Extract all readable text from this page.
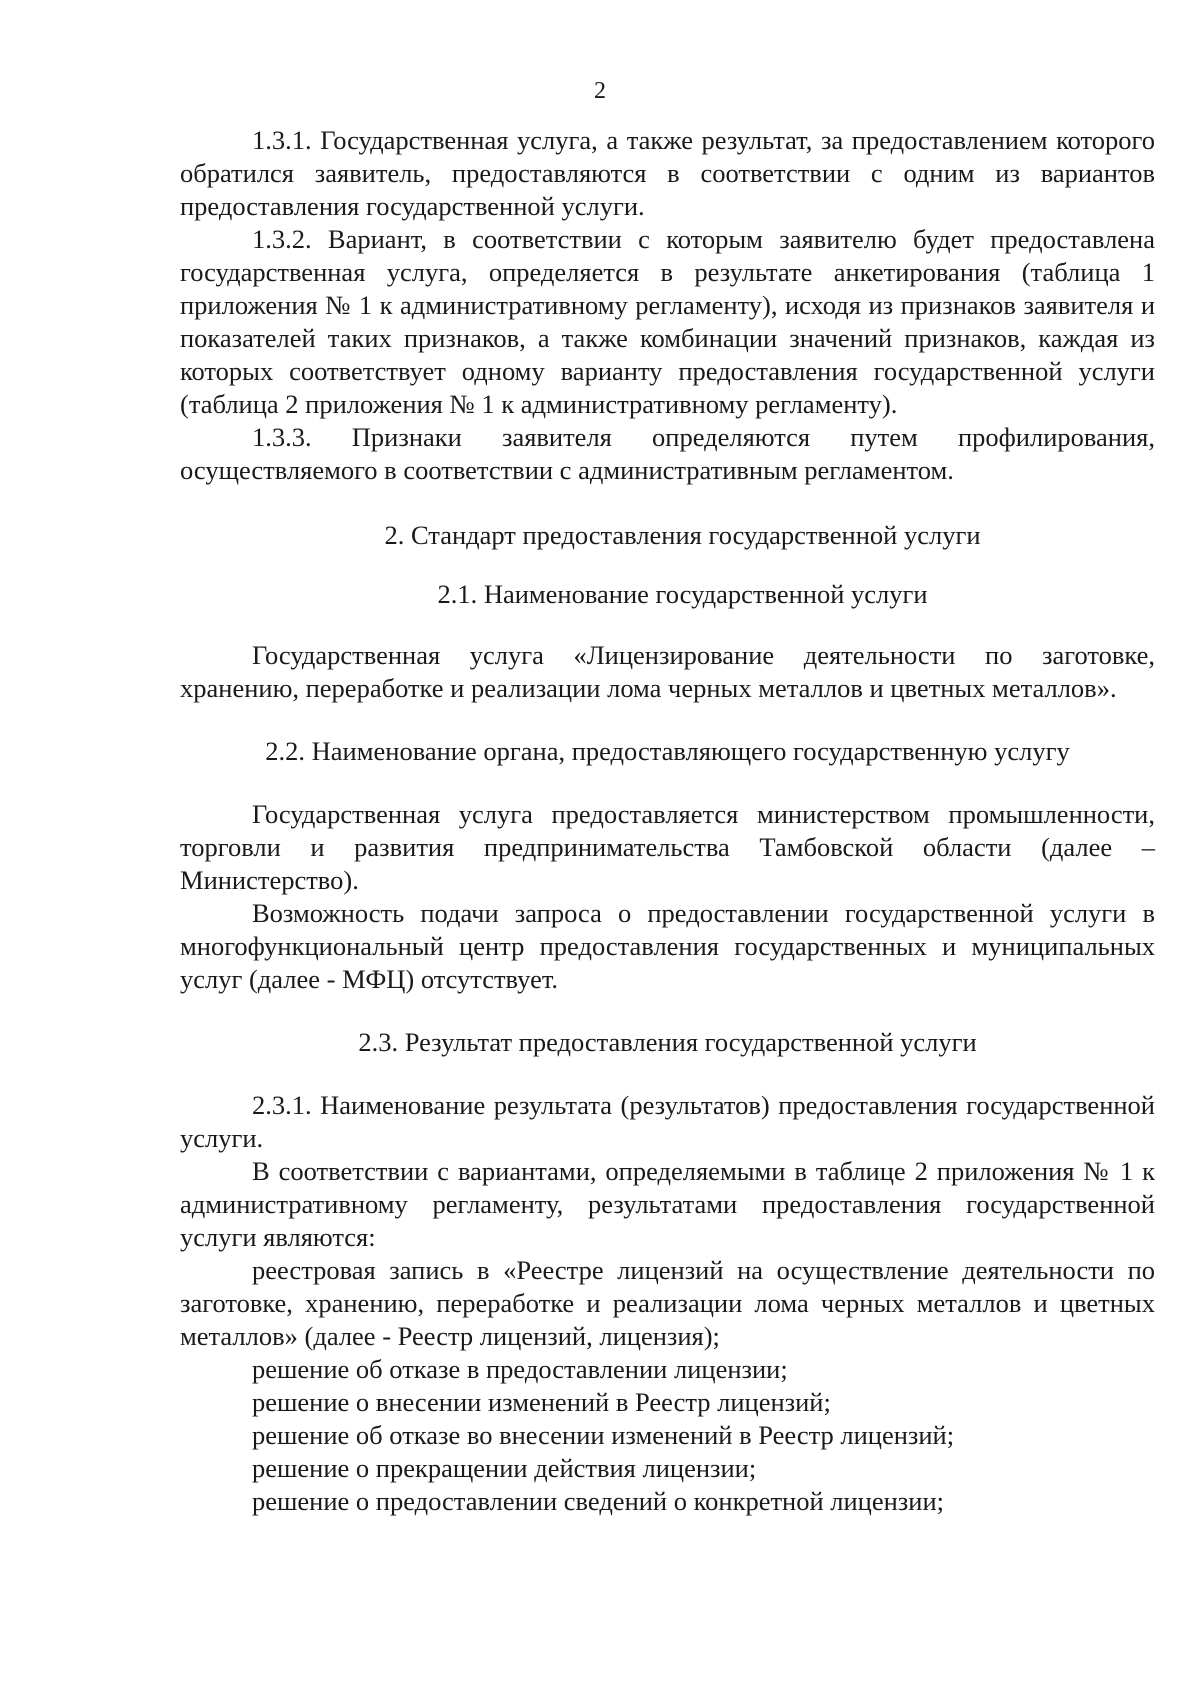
2

1.3.1. Государственная услуга, а также результат, за предоставлением которого обратился заявитель, предоставляются в соответствии с одним из вариантов предоставления государственной услуги.

1.3.2. Вариант, в соответствии с которым заявителю будет предоставлена государственная услуга, определяется в результате анкетирования (таблица 1 приложения № 1 к административному регламенту), исходя из признаков заявителя и показателей таких признаков, а также комбинации значений признаков, каждая из которых соответствует одному варианту предоставления государственной услуги (таблица 2 приложения № 1 к административному регламенту).

1.3.3. Признаки заявителя определяются путем профилирования, осуществляемого в соответствии с административным регламентом.

2. Стандарт предоставления государственной услуги
2.1. Наименование государственной услуги

Государственная услуга «Лицензирование деятельности по заготовке, хранению, переработке и реализации лома черных металлов и цветных металлов».

2.2. Наименование органа, предоставляющего государственную услугу

Государственная услуга предоставляется министерством промышленности, торговли и развития предпринимательства Тамбовской области (далее – Министерство).

Возможность подачи запроса о предоставлении государственной услуги в многофункциональный центр предоставления государственных и муниципальных услуг (далее - МФЦ) отсутствует.

2.3. Результат предоставления государственной услуги

2.3.1. Наименование результата (результатов) предоставления государственной услуги.

В соответствии с вариантами, определяемыми в таблице 2 приложения № 1 к административному регламенту, результатами предоставления государственной услуги являются:

реестровая запись в «Реестре лицензий на осуществление деятельности по заготовке, хранению, переработке и реализации лома черных металлов и цветных металлов» (далее - Реестр лицензий, лицензия);

решение об отказе в предоставлении лицензии;

решение о внесении изменений в Реестр лицензий;

решение об отказе во внесении изменений в Реестр лицензий;

решение о прекращении действия лицензии;

решение о предоставлении сведений о конкретной лицензии;
